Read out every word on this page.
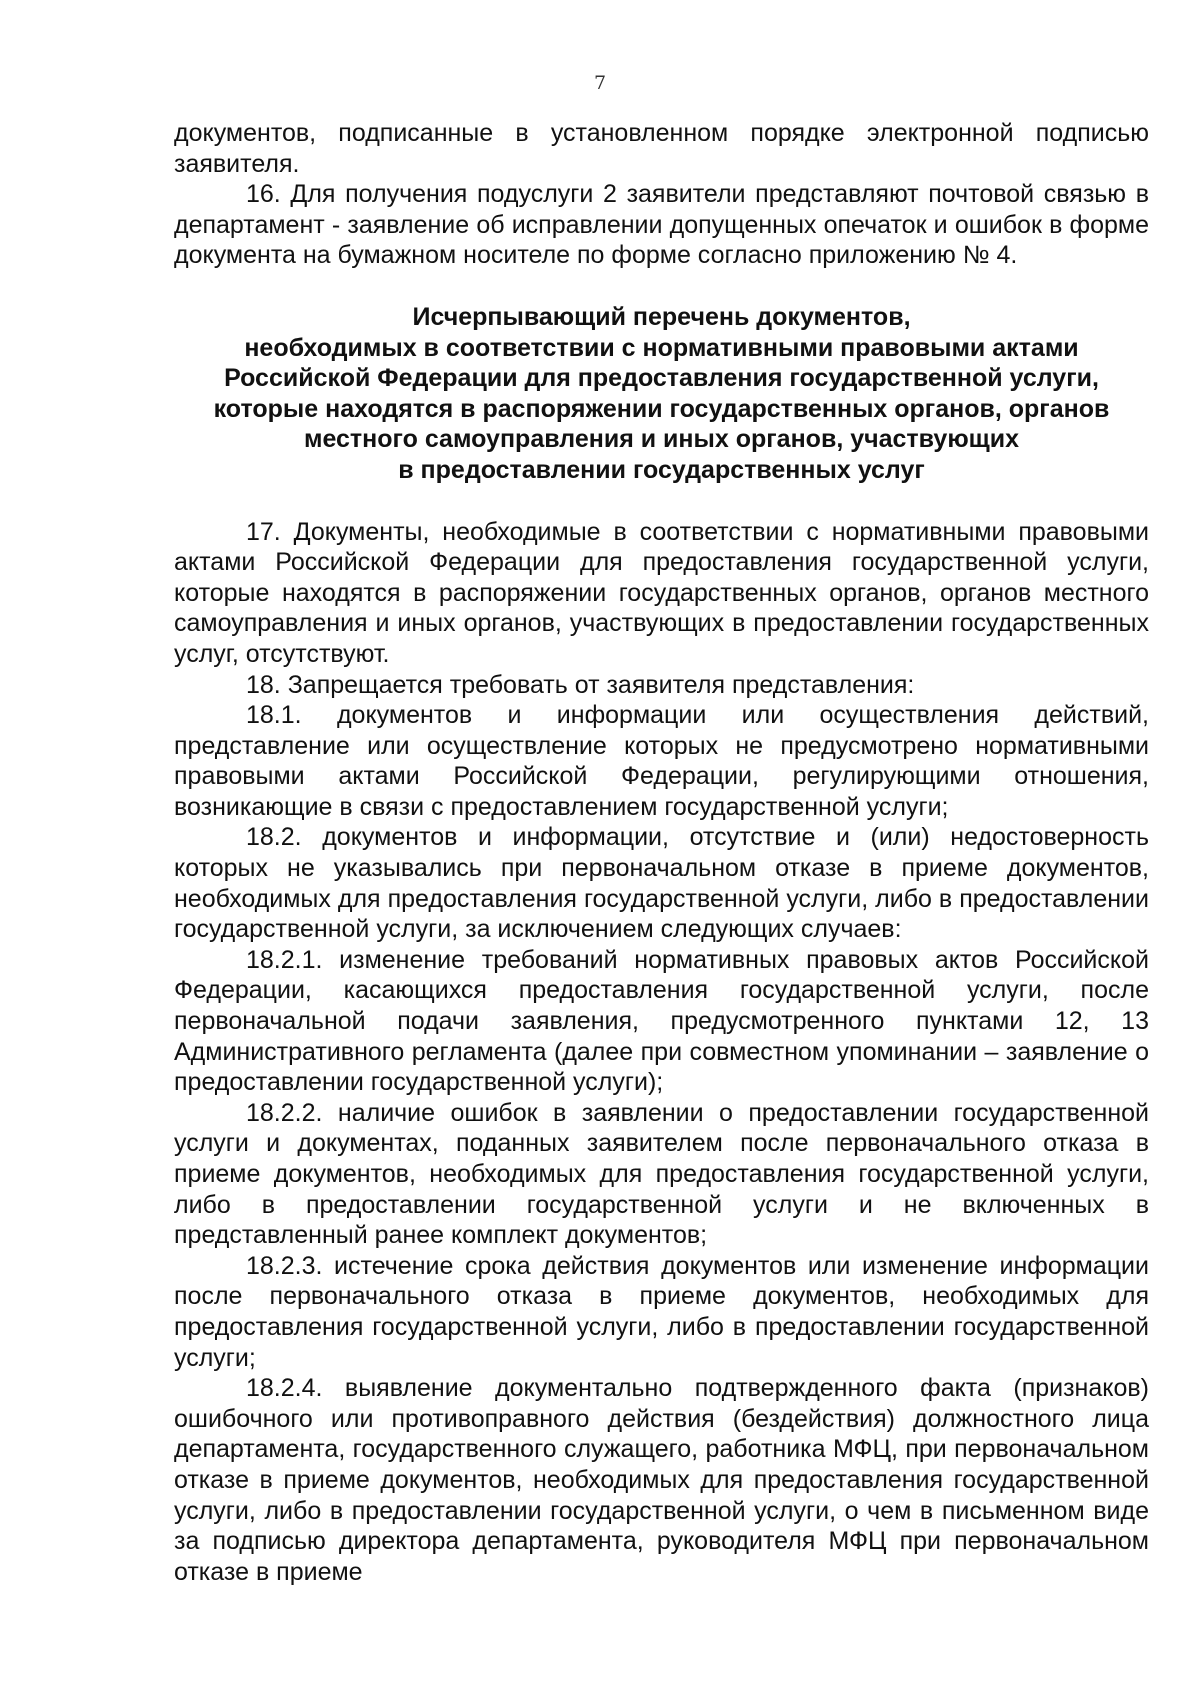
7

документов, подписанные в установленном порядке электронной подписью заявителя.

16. Для получения подуслуги 2 заявители представляют почтовой связью в департамент - заявление об исправлении допущенных опечаток и ошибок в форме документа на бумажном носителе по форме согласно приложению № 4.

Исчерпывающий перечень документов,
необходимых в соответствии с нормативными правовыми актами
Российской Федерации для предоставления государственной услуги,
которые находятся в распоряжении государственных органов, органов
местного самоуправления и иных органов, участвующих
в предоставлении государственных услуг

17. Документы, необходимые в соответствии с нормативными правовыми актами Российской Федерации для предоставления государственной услуги, которые находятся в распоряжении государственных органов, органов местного самоуправления и иных органов, участвующих в предоставлении государственных услуг, отсутствуют.

18. Запрещается требовать от заявителя представления:

18.1. документов и информации или осуществления действий, представление или осуществление которых не предусмотрено нормативными правовыми актами Российской Федерации, регулирующими отношения, возникающие в связи с предоставлением государственной услуги;

18.2. документов и информации, отсутствие и (или) недостоверность которых не указывались при первоначальном отказе в приеме документов, необходимых для предоставления государственной услуги, либо в предоставлении государственной услуги, за исключением следующих случаев:

18.2.1. изменение требований нормативных правовых актов Российской Федерации, касающихся предоставления государственной услуги, после первоначальной подачи заявления, предусмотренного пунктами 12, 13 Административного регламента (далее при совместном упоминании – заявление о предоставлении государственной услуги);

18.2.2. наличие ошибок в заявлении о предоставлении государственной услуги и документах, поданных заявителем после первоначального отказа в приеме документов, необходимых для предоставления государственной услуги, либо в предоставлении государственной услуги и не включенных в представленный ранее комплект документов;

18.2.3. истечение срока действия документов или изменение информации после первоначального отказа в приеме документов, необходимых для предоставления государственной услуги, либо в предоставлении государственной услуги;

18.2.4. выявление документально подтвержденного факта (признаков) ошибочного или противоправного действия (бездействия) должностного лица департамента, государственного служащего, работника МФЦ, при первоначальном отказе в приеме документов, необходимых для предоставления государственной услуги, либо в предоставлении государственной услуги, о чем в письменном виде за подписью директора департамента, руководителя МФЦ при первоначальном отказе в приеме
